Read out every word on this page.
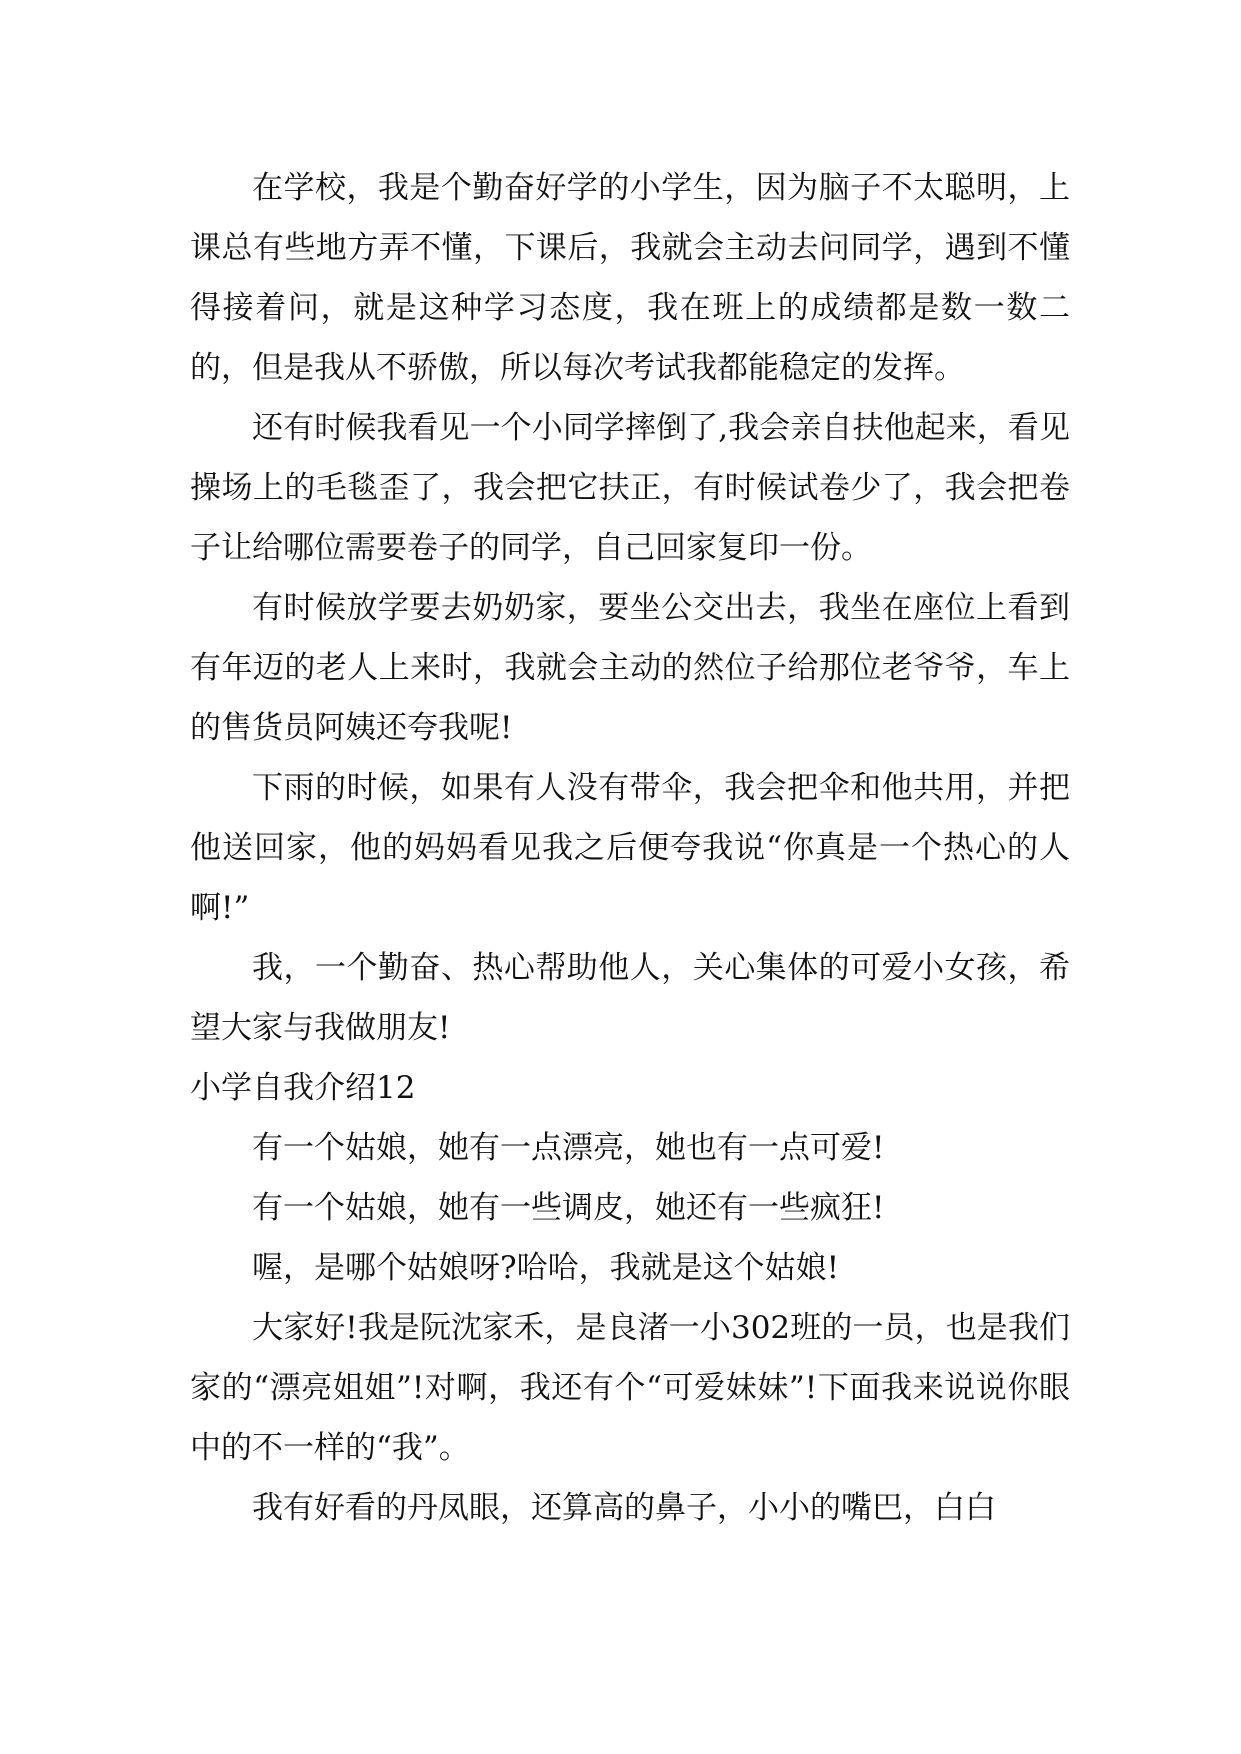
在学校，我是个勤奋好学的小学生，因为脑子不太聪明，上课总有些地方弄不懂，下课后，我就会主动去问同学，遇到不懂得接着问，就是这种学习态度，我在班上的成绩都是数一数二的，但是我从不骄傲，所以每次考试我都能稳定的发挥。

还有时候我看见一个小同学摔倒了,我会亲自扶他起来，看见操场上的毛毯歪了，我会把它扶正，有时候试卷少了，我会把卷子让给哪位需要卷子的同学，自己回家复印一份。

有时候放学要去奶奶家，要坐公交出去，我坐在座位上看到有年迈的老人上来时，我就会主动的然位子给那位老爷爷，车上的售货员阿姨还夸我呢!

下雨的时候，如果有人没有带伞，我会把伞和他共用，并把他送回家，他的妈妈看见我之后便夸我说“你真是一个热心的人啊!”

我，一个勤奋、热心帮助他人，关心集体的可爱小女孩，希望大家与我做朋友!

小学自我介绍12

有一个姑娘，她有一点漂亮，她也有一点可爱!

有一个姑娘，她有一些调皮，她还有一些疯狂!

喔，是哪个姑娘呀?哈哈，我就是这个姑娘!

大家好!我是阮沈家禾，是良渚一小302班的一员，也是我们家的“漂亮姐姐”!对啊，我还有个“可爱妹妹”!下面我来说说你眼中的不一样的“我”。

我有好看的丹凤眼，还算高的鼻子，小小的嘴巴，白白
